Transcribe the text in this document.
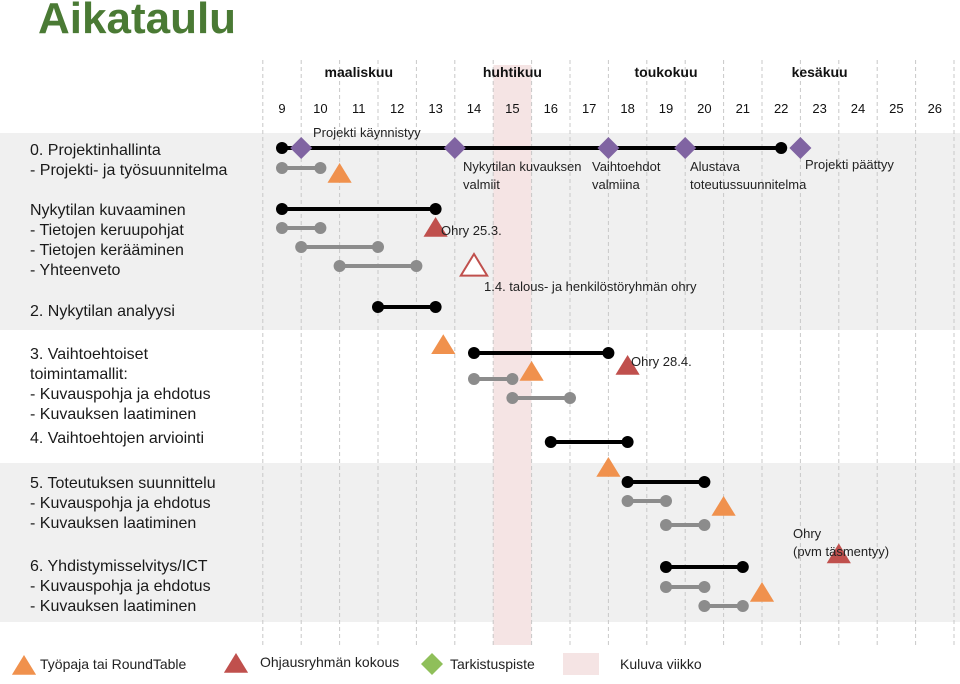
Aikataulu
0. Projektinhallinta
- Projekti- ja työsuunnitelma
Nykytilan kuvaaminen
- Tietojen keruupohjat
- Tietojen kerääminen
- Yhteenveto
2. Nykytilan analyysi
3. Vaihtoehtoiset
toimintamallit:
- Kuvauspohja ja ehdotus
- Kuvauksen laatiminen
4. Vaihtoehtojen arviointi
5. Toteutuksen suunnittelu
- Kuvauspohja ja ehdotus
- Kuvauksen laatiminen
6. Yhdistymisselvitys/ICT
- Kuvauspohja ja ehdotus
- Kuvauksen laatiminen
maaliskuu	huhtikuu	toukokuu	kesäkuu
9 10 11 12 13 14 15 16 17 18 19 20 21 22 23 24 25 26
Projekti käynnistyy
Nykytilan kuvauksen
valmiit
Vaihtoehdot
valmiina
Alustava
toteutussuunnitelma
Projekti päättyy
Ohry 25.3.
1.4. talous- ja henkilöstöryhmän ohry
Ohry 28.4.
Ohry
(pvm täsmentyy)
Työpaja tai RoundTable	Ohjausryhmän kokous	Tarkistuspiste	Kuluva viikko
